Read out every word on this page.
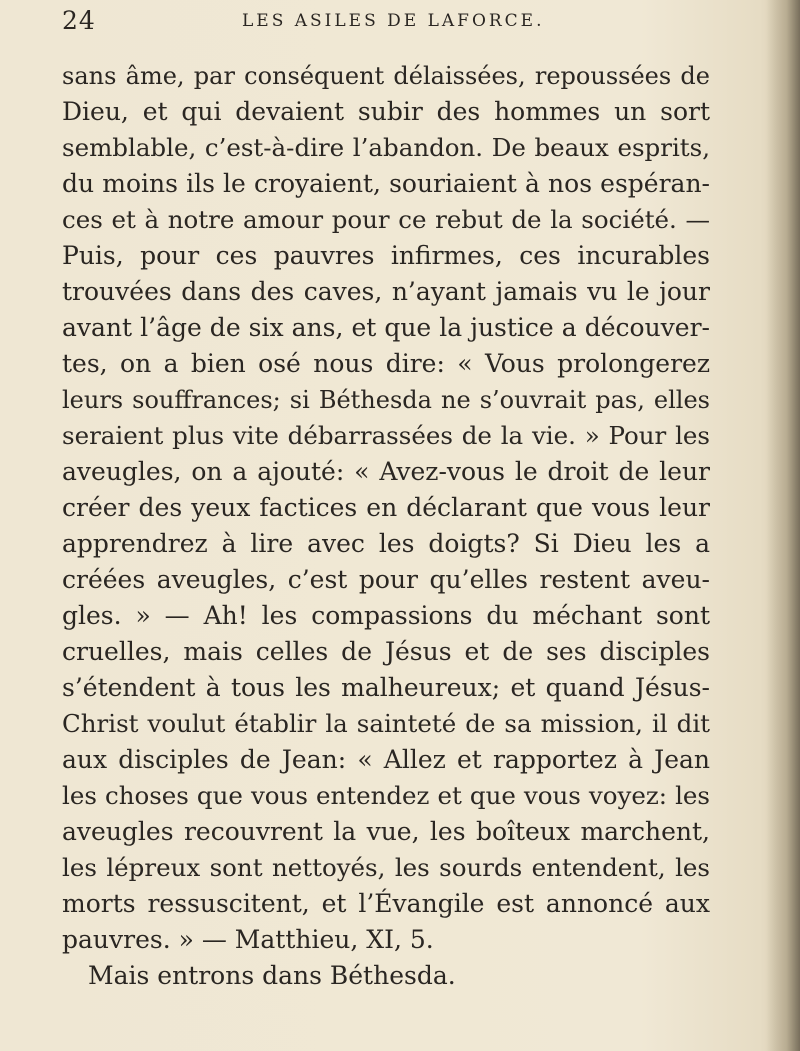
24	LES ASILES DE LAFORCE.
sans âme, par conséquent délaissées, repoussées de
Dieu, et qui devaient subir des hommes un sort
semblable, c’est-à-dire l’abandon. De beaux esprits,
du moins ils le croyaient, souriaient à nos espéran-
ces et à notre amour pour ce rebut de la société. —
Puis, pour ces pauvres infirmes, ces incurables
trouvées dans des caves, n’ayant jamais vu le jour
avant l’âge de six ans, et que la justice a découver-
tes, on a bien osé nous dire: « Vous prolongerez
leurs souffrances; si Béthesda ne s’ouvrait pas, elles
seraient plus vite débarrassées de la vie. » Pour les
aveugles, on a ajouté: « Avez-vous le droit de leur
créer des yeux factices en déclarant que vous leur
apprendrez à lire avec les doigts? Si Dieu les a
créées aveugles, c’est pour qu’elles restent aveu-
gles. » — Ah! les compassions du méchant sont
cruelles, mais celles de Jésus et de ses disciples
s’étendent à tous les malheureux; et quand Jésus-
Christ voulut établir la sainteté de sa mission, il dit
aux disciples de Jean: « Allez et rapportez à Jean
les choses que vous entendez et que vous voyez: les
aveugles recouvrent la vue, les boîteux marchent,
les lépreux sont nettoyés, les sourds entendent, les
morts ressuscitent, et l’Évangile est annoncé aux
pauvres. » — Matthieu, XI, 5.
Mais entrons dans Béthesda.
